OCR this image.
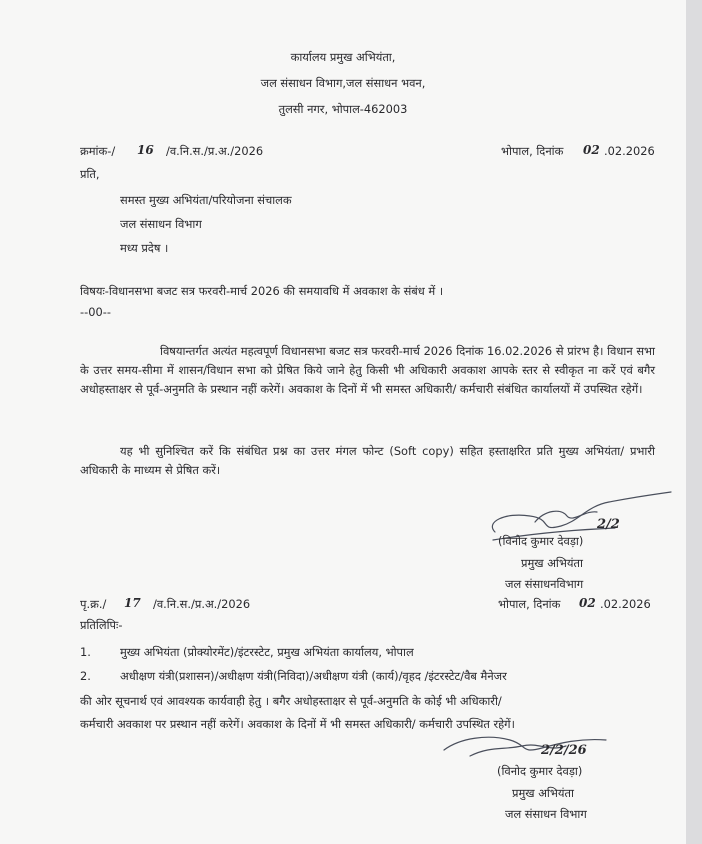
कार्यालय प्रमुख अभियंता,
जल संसाधन विभाग,जल संसाधन भवन,
तुलसी नगर, भोपाल-462003
क्रमांक-/ 16 /व.नि.स./प्र.अ./2026	भोपाल, दिनांक 02 .02.2026
प्रति,
समस्त मुख्य अभियंता/परियोजना संचालक
जल संसाधन विभाग
मध्य प्रदेष ।
विषयः-विधानसभा बजट सत्र फरवरी-मार्च 2026 की समयावधि में अवकाश के संबंध में ।
--00--
विषयान्तर्गत अत्यंत महत्वपूर्ण विधानसभा बजट सत्र फरवरी-मार्च 2026 दिनांक 16.02.2026 से प्रांरभ है। विधान सभा के उत्तर समय-सीमा में शासन/विधान सभा को प्रेषित किये जाने हेतु किसी भी अधिकारी अवकाश आपके स्तर से स्वीकृत ना करें एवं बगैर अधोहस्ताक्षर से पूर्व-अनुमति के प्रस्थान नहीं करेगें। अवकाश के दिनों में भी समस्त अधिकारी/ कर्मचारी संबंधित कार्यालयों में उपस्थित रहेगें।
यह भी सुनिश्चित करें कि संबंधित प्रश्न का उत्तर मंगल फोन्ट (Soft copy) सहित हस्ताक्षरित प्रति मुख्य अभियंता/ प्रभारी अधिकारी के माध्यम से प्रेषित करें।
2/2
(विनोद कुमार देवड़ा)
प्रमुख अभियंता
जल संसाधनविभाग
पृ.क्र./ 17 /व.नि.स./प्र.अ./2026	भोपाल, दिनांक 02 .02.2026
प्रतिलिपिः-
1.	मुख्य अभियंता (प्रोक्योरमेंट)/इंटरस्टेट, प्रमुख अभियंता कार्यालय, भोपाल
2.	अधीक्षण यंत्री(प्रशासन)/अधीक्षण यंत्री(निविदा)/अधीक्षण यंत्री (कार्य)/वृहद /इंटरस्टेट/वैब मैनेजर
की ओर सूचनार्थ एवं आवश्यक कार्यवाही हेतु । बगैर अधोहस्ताक्षर से पूर्व-अनुमति के कोई भी अधिकारी/
कर्मचारी अवकाश पर प्रस्थान नहीं करेगें। अवकाश के दिनों में भी समस्त अधिकारी/ कर्मचारी उपस्थित रहेगें।
2/2/26
(विनोद कुमार देवड़ा)
प्रमुख अभियंता
जल संसाधन विभाग
